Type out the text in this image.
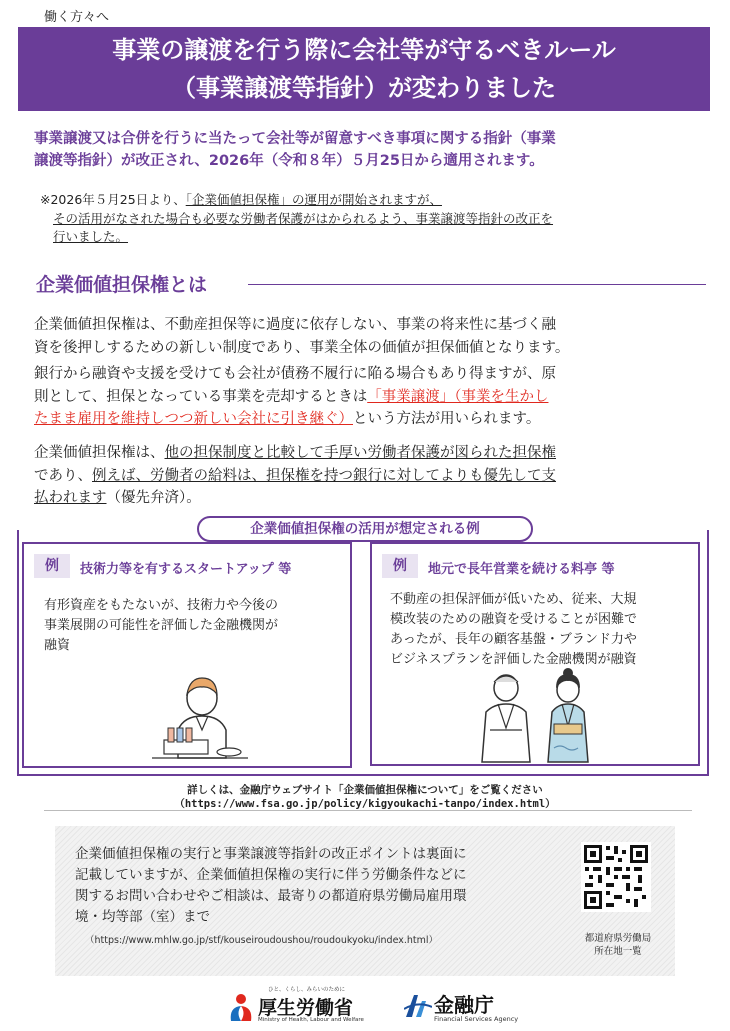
働く方々へ
事業の譲渡を行う際に会社等が守るべきルール
（事業譲渡等指針）が変わりました
事業譲渡又は合併を行うに当たって会社等が留意すべき事項に関する指針（事業
譲渡等指針）が改正され、2026年（令和８年）５月25日から適用されます。
※2026年５月25日より、「企業価値担保権」の運用が開始されますが、
その活用がなされた場合も必要な労働者保護がはかられるよう、事業譲渡等指針の改正を
行いました。
企業価値担保権とは
企業価値担保権は、不動産担保等に過度に依存しない、事業の将来性に基づく融
資を後押しするための新しい制度であり、事業全体の価値が担保価値となります。
銀行から融資や支援を受けても会社が債務不履行に陥る場合もあり得ますが、原
則として、担保となっている事業を売却するときは「事業譲渡」（事業を生かし
たまま雇用を維持しつつ新しい会社に引き継ぐ）という方法が用いられます。
企業価値担保権は、他の担保制度と比較して手厚い労働者保護が図られた担保権
であり、例えば、労働者の給料は、担保権を持つ銀行に対してよりも優先して支
払われます（優先弁済）。
企業価値担保権の活用が想定される例
例	技術力等を有するスタートアップ 等
有形資産をもたないが、技術力や今後の
事業展開の可能性を評価した金融機関が
融資
例	地元で長年営業を続ける料亭 等
不動産の担保評価が低いため、従来、大規
模改装のための融資を受けることが困難で
あったが、長年の顧客基盤・ブランド力や
ビジネスプランを評価した金融機関が融資
詳しくは、金融庁ウェブサイト「企業価値担保権について」をご覧ください
（https://www.fsa.go.jp/policy/kigyoukachi-tanpo/index.html）
企業価値担保権の実行と事業譲渡等指針の改正ポイントは裏面に
記載していますが、企業価値担保権の実行に伴う労働条件などに
関するお問い合わせやご相談は、最寄りの都道府県労働局雇用環
境・均等部（室）まで
（https://www.mhlw.go.jp/stf/kouseiroudoushou/roudoukyoku/index.html）	都道府県労働局
所在地一覧
ひと、くらし、みらいのために
厚生労働省
Ministry of Health, Labour and Welfare
金融庁
Financial Services Agency
